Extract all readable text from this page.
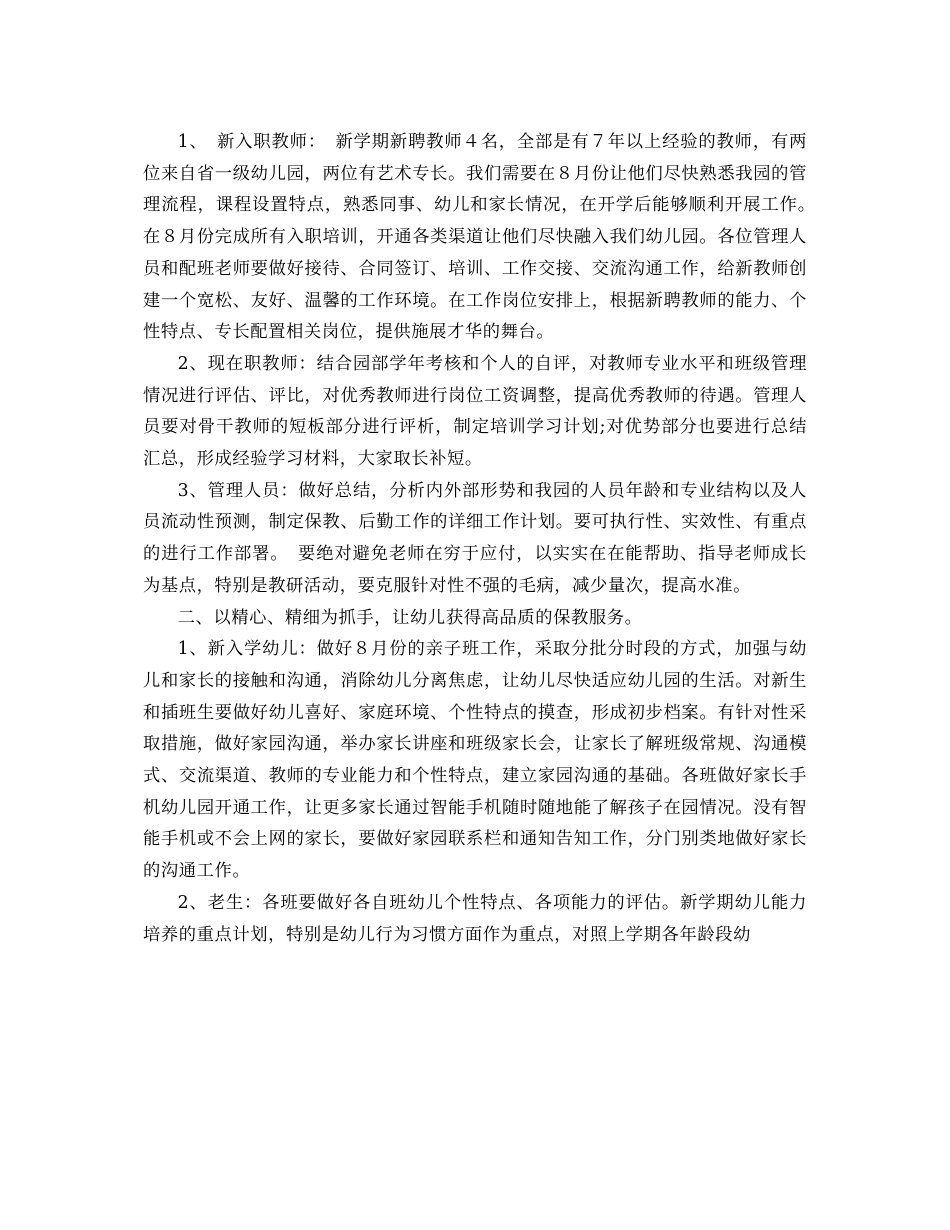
1、　新入职教师：　新学期新聘教师４名，全部是有７年以上经验的教师，有两位来自省一级幼儿园，两位有艺术专长。我们需要在８月份让他们尽快熟悉我园的管理流程，课程设置特点，熟悉同事、幼儿和家长情况，在开学后能够顺利开展工作。　在８月份完成所有入职培训，开通各类渠道让他们尽快融入我们幼儿园。各位管理人员和配班老师要做好接待、合同签订、培训、工作交接、交流沟通工作，给新教师创建一个宽松、友好、温馨的工作环境。在工作岗位安排上，根据新聘教师的能力、个性特点、专长配置相关岗位，提供施展才华的舞台。

2、现在职教师：结合园部学年考核和个人的自评，对教师专业水平和班级管理情况进行评估、评比，对优秀教师进行岗位工资调整，提高优秀教师的待遇。管理人员要对骨干教师的短板部分进行评析，制定培训学习计划;对优势部分也要进行总结汇总，形成经验学习材料，大家取长补短。

3、管理人员：做好总结，分析内外部形势和我园的人员年龄和专业结构以及人员流动性预测，制定保教、后勤工作的详细工作计划。要可执行性、实效性、有重点的进行工作部署。　要绝对避免老师在穷于应付，以实实在在能帮助、指导老师成长为基点，特别是教研活动，要克服针对性不强的毛病，减少量次，提高水准。

二、以精心、精细为抓手，让幼儿获得高品质的保教服务。

1、新入学幼儿：做好８月份的亲子班工作，采取分批分时段的方式，加强与幼儿和家长的接触和沟通，消除幼儿分离焦虑，让幼儿尽快适应幼儿园的生活。对新生和插班生要做好幼儿喜好、家庭环境、个性特点的摸查，形成初步档案。有针对性采取措施，做好家园沟通，举办家长讲座和班级家长会，让家长了解班级常规、沟通模式、交流渠道、教师的专业能力和个性特点，建立家园沟通的基础。各班做好家长手机幼儿园开通工作，让更多家长通过智能手机随时随地能了解孩子在园情况。没有智能手机或不会上网的家长，要做好家园联系栏和通知告知工作，分门别类地做好家长的沟通工作。

2、老生：各班要做好各自班幼儿个性特点、各项能力的评估。新学期幼儿能力培养的重点计划，特别是幼儿行为习惯方面作为重点，对照上学期各年龄段幼
